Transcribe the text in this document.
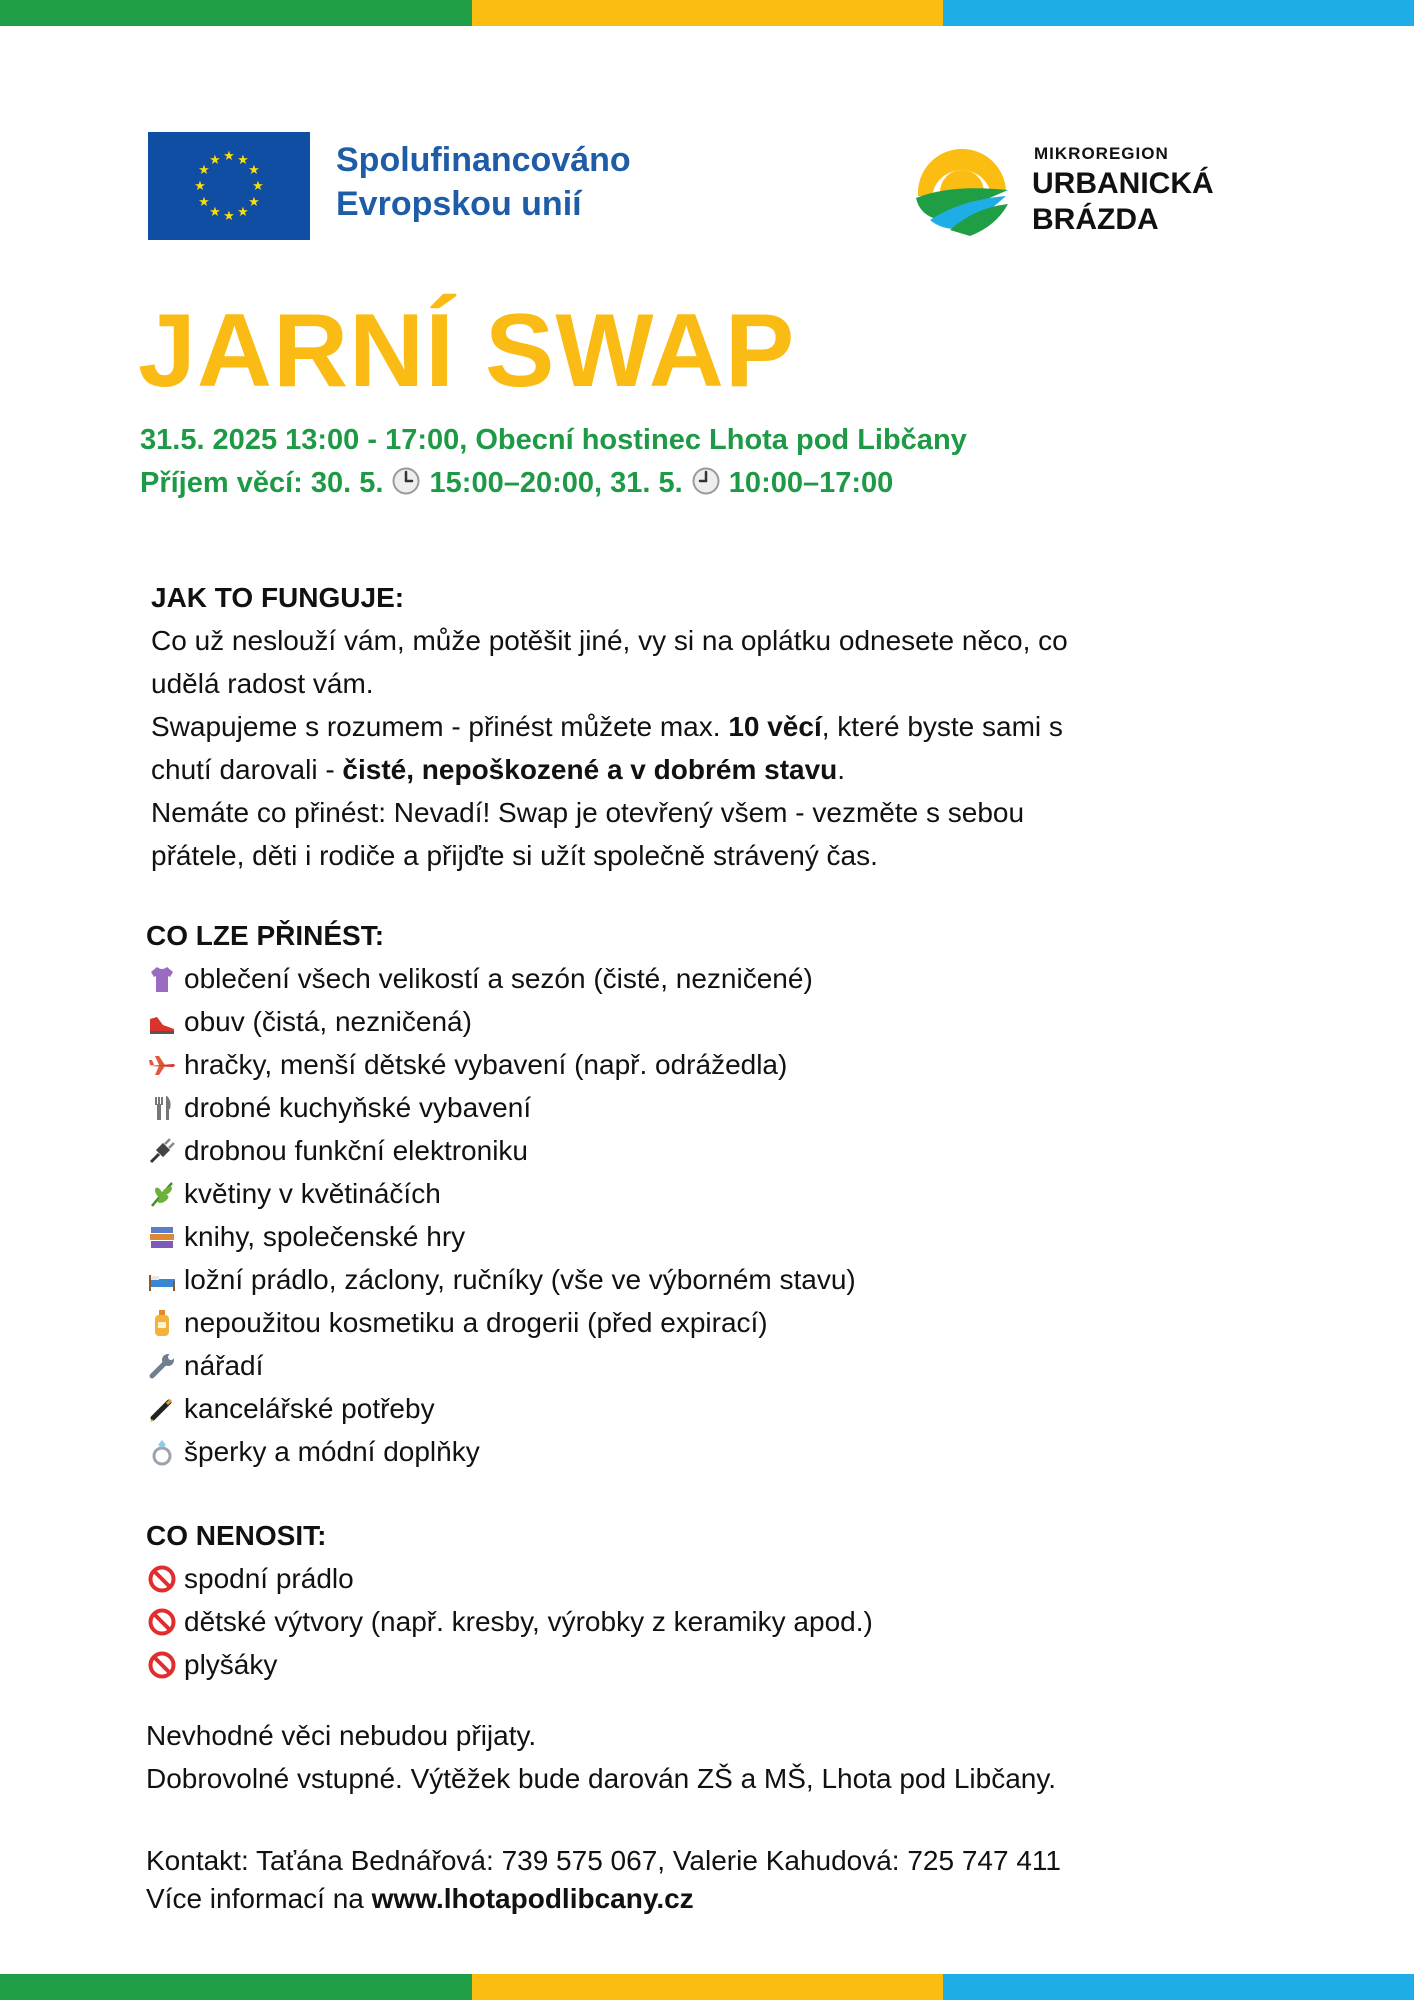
★ ★
★
★
★
★
★
★
★
★
★
★	Spolufinancováno
Evropskou unií
MIKROREGION
URBANICKÁ
BRÁZDA
JARNÍ SWAP
31.5. 2025 13:00 - 17:00, Obecní hostinec Lhota pod Libčany
Příjem věcí: 30. 5.  15:00–20:00, 31. 5.  10:00–17:00

JAK TO FUNGUJE:

Co už neslouží vám, může potěšit jiné, vy si na oplátku odnesete něco, co

udělá radost vám.

Swapujeme s rozumem - přinést můžete max. 10 věcí, které byste sami s

chutí darovali - čisté, nepoškozené a v dobrém stavu.

Nemáte co přinést: Nevadí! Swap je otevřený všem - vezměte s sebou

přátele, děti i rodiče a přijďte si užít společně strávený čas.

CO LZE PŘINÉST:
oblečení všech velikostí a sezón (čisté, nezničené)
obuv (čistá, nezničená)
hračky, menší dětské vybavení (např. odrážedla)
drobné kuchyňské vybavení
drobnou funkční elektroniku
květiny v květináčích
knihy, společenské hry
ložní prádlo, záclony, ručníky (vše ve výborném stavu)
nepoužitou kosmetiku a drogerii (před expirací)
nářadí
kancelářské potřeby
šperky a módní doplňky
CO NENOSIT:
spodní prádlo
dětské výtvory (např. kresby, výrobky z keramiky apod.)
plyšáky
Nevhodné věci nebudou přijaty.
Dobrovolné vstupné. Výtěžek bude darován ZŠ a MŠ, Lhota pod Libčany.
Kontakt: Taťána Bednářová: 739 575 067, Valerie Kahudová: 725 747 411
Více informací na www.lhotapodlibcany.cz
